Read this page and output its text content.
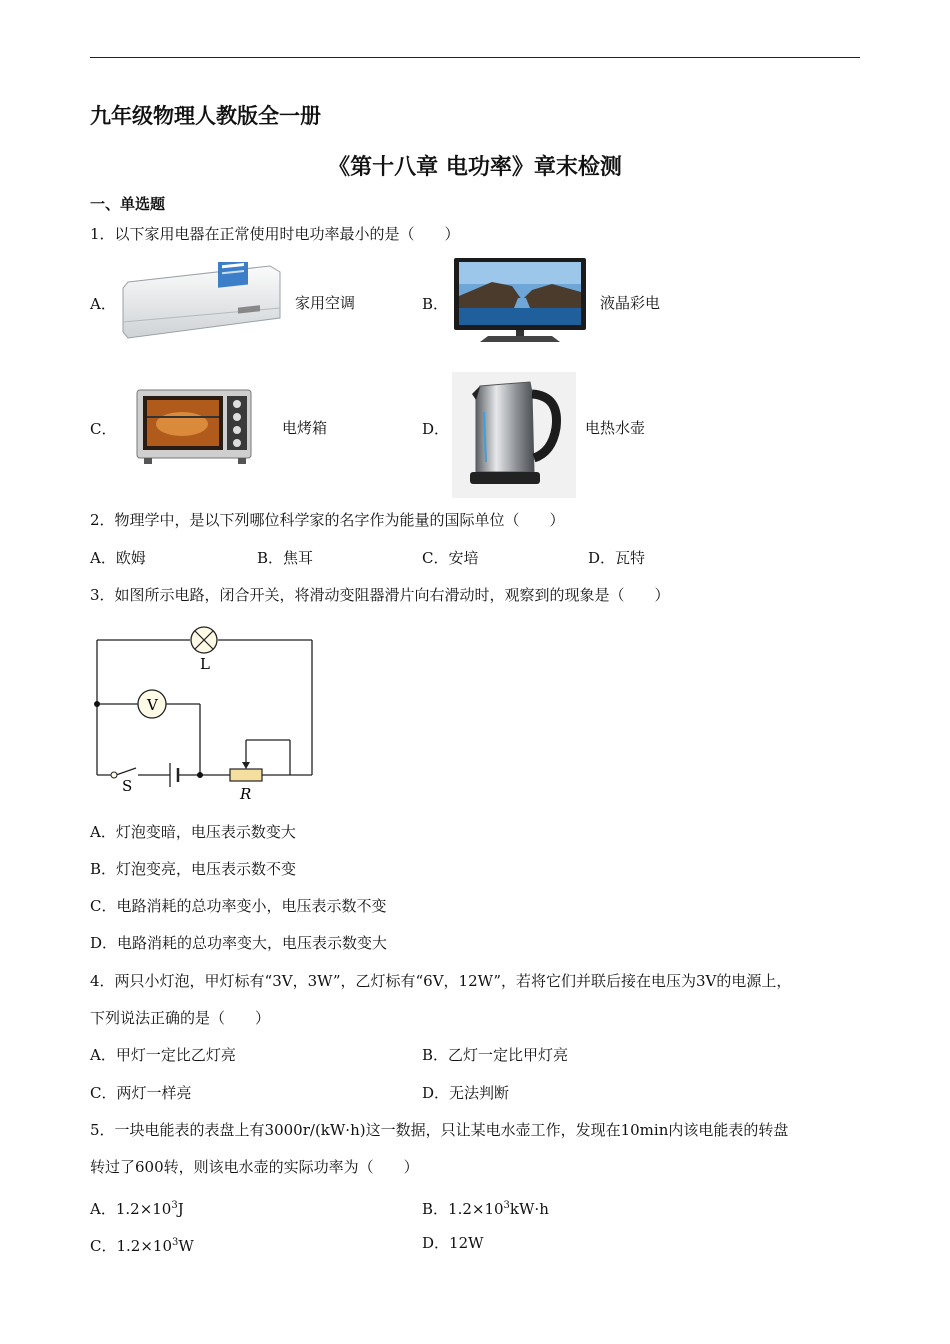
九年级物理人教版全一册
《第十八章 电功率》章末检测
一、单选题
1．以下家用电器在正常使用时电功率最小的是（　　）
A．	家用空调	B．	液晶彩电
C．	电烤箱	D．	电热水壶
2．物理学中，是以下列哪位科学家的名字作为能量的国际单位（　　）
A．欧姆	B．焦耳	C．安培	D．瓦特
3．如图所示电路，闭合开关，将滑动变阻器滑片向右滑动时，观察到的现象是（　　）
L
V
S	R
A．灯泡变暗，电压表示数变大
B．灯泡变亮，电压表示数不变
C．电路消耗的总功率变小，电压表示数不变
D．电路消耗的总功率变大，电压表示数变大
4．两只小灯泡，甲灯标有“3V，3W”，乙灯标有“6V，12W”，若将它们并联后接在电压为3V的电源上，
下列说法正确的是（　　）
A．甲灯一定比乙灯亮	B．乙灯一定比甲灯亮
C．两灯一样亮	D．无法判断
5．一块电能表的表盘上有3000r/(kW·h)这一数据，只让某电水壶工作，发现在10min内该电能表的转盘
转过了600转，则该电水壶的实际功率为（　　）
A．$1.2\times 10^3J$	B．$1.2\times 10^3kW\cdot h$
C．$1.2\times 10^3W$	D．12W
